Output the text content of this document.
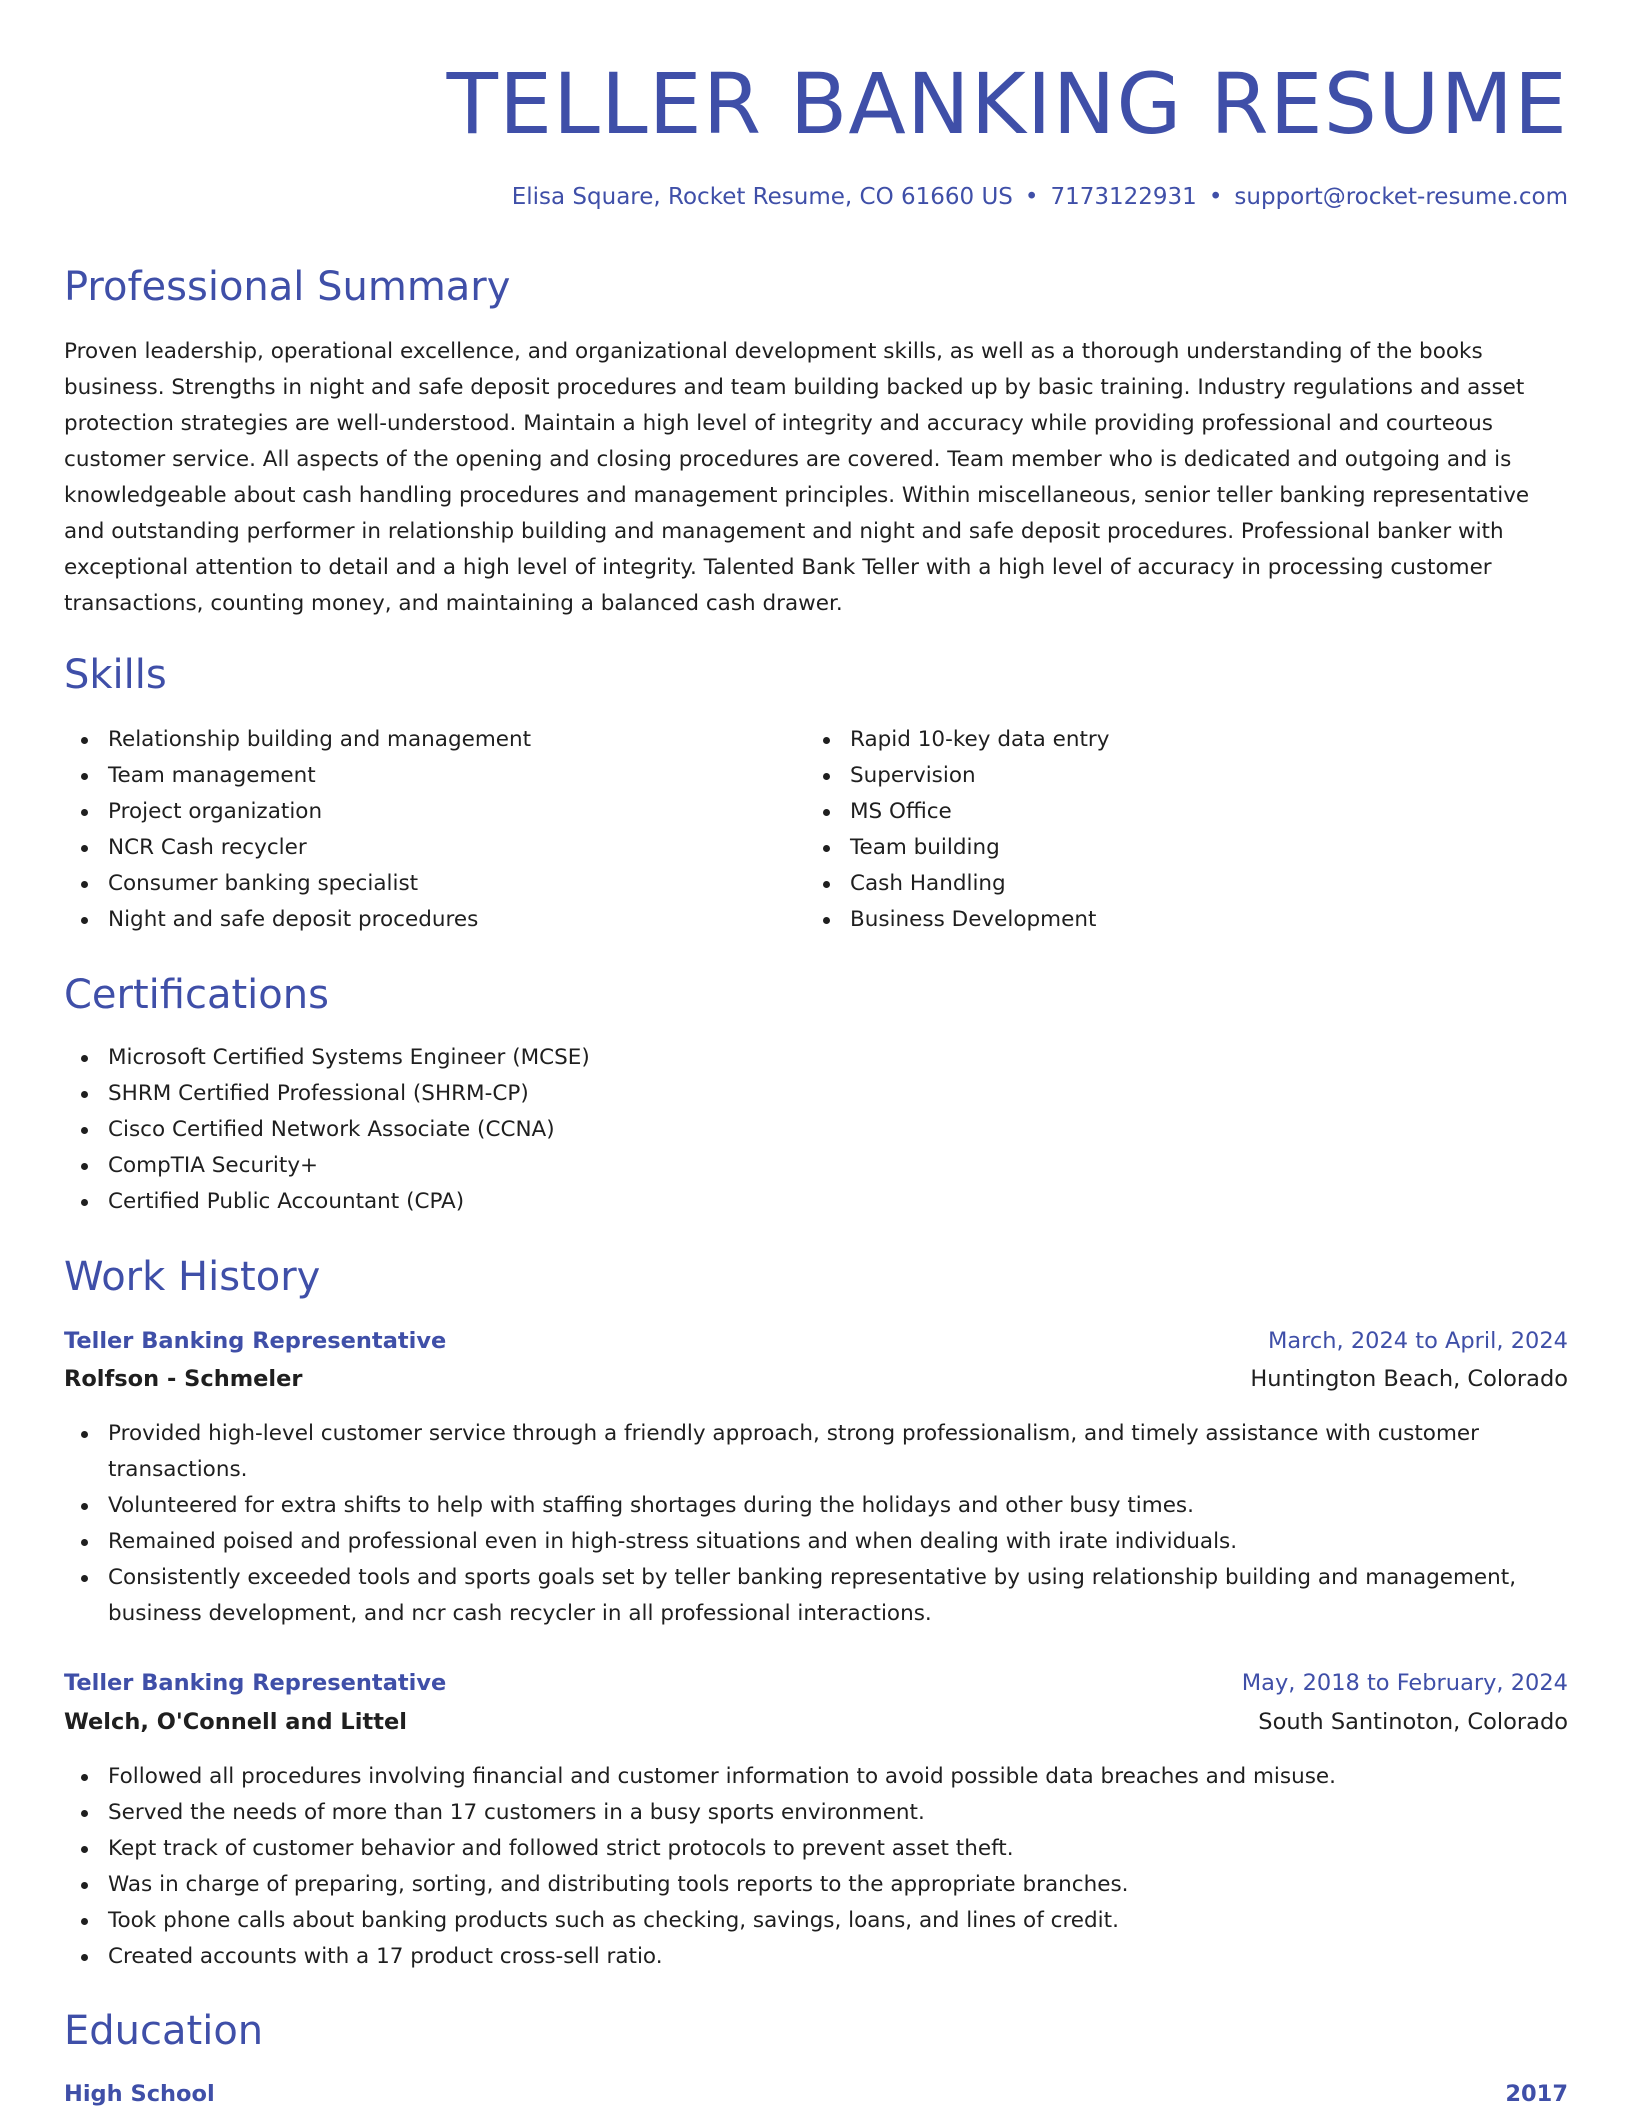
TELLER BANKING RESUME
Elisa Square, Rocket Resume, CO 61660 US • 7173122931 • support@rocket-resume.com
Professional Summary

Proven leadership, operational excellence, and organizational development skills, as well as a thorough understanding of the books business. Strengths in night and safe deposit procedures and team building backed up by basic training. Industry regulations and asset protection strategies are well-understood. Maintain a high level of integrity and accuracy while providing professional and courteous customer service. All aspects of the opening and closing procedures are covered. Team member who is dedicated and outgoing and is knowledgeable about cash handling procedures and management principles. Within miscellaneous, senior teller banking representative and outstanding performer in relationship building and management and night and safe deposit procedures. Professional banker with exceptional attention to detail and a high level of integrity. Talented Bank Teller with a high level of accuracy in processing customer transactions, counting money, and maintaining a balanced cash drawer.

Skills
Relationship building and management
Team management
Project organization
NCR Cash recycler
Consumer banking specialist
Night and safe deposit procedures
Rapid 10-key data entry
Supervision
MS Office
Team building
Cash Handling
Business Development
Certifications
Microsoft Certified Systems Engineer (MCSE)
SHRM Certified Professional (SHRM-CP)
Cisco Certified Network Associate (CCNA)
CompTIA Security+
Certified Public Accountant (CPA)
Work History
Teller Banking Representative	March, 2024 to April, 2024
Rolfson - Schmeler	Huntington Beach, Colorado
Provided high-level customer service through a friendly approach, strong professionalism, and timely assistance with customer transactions.
Volunteered for extra shifts to help with staffing shortages during the holidays and other busy times.
Remained poised and professional even in high-stress situations and when dealing with irate individuals.
Consistently exceeded tools and sports goals set by teller banking representative by using relationship building and management, business development, and ncr cash recycler in all professional interactions.
Teller Banking Representative	May, 2018 to February, 2024
Welch, O'Connell and Littel	South Santinoton, Colorado
Followed all procedures involving financial and customer information to avoid possible data breaches and misuse.
Served the needs of more than 17 customers in a busy sports environment.
Kept track of customer behavior and followed strict protocols to prevent asset theft.
Was in charge of preparing, sorting, and distributing tools reports to the appropriate branches.
Took phone calls about banking products such as checking, savings, loans, and lines of credit.
Created accounts with a 17 product cross-sell ratio.
Education
High School	2017
